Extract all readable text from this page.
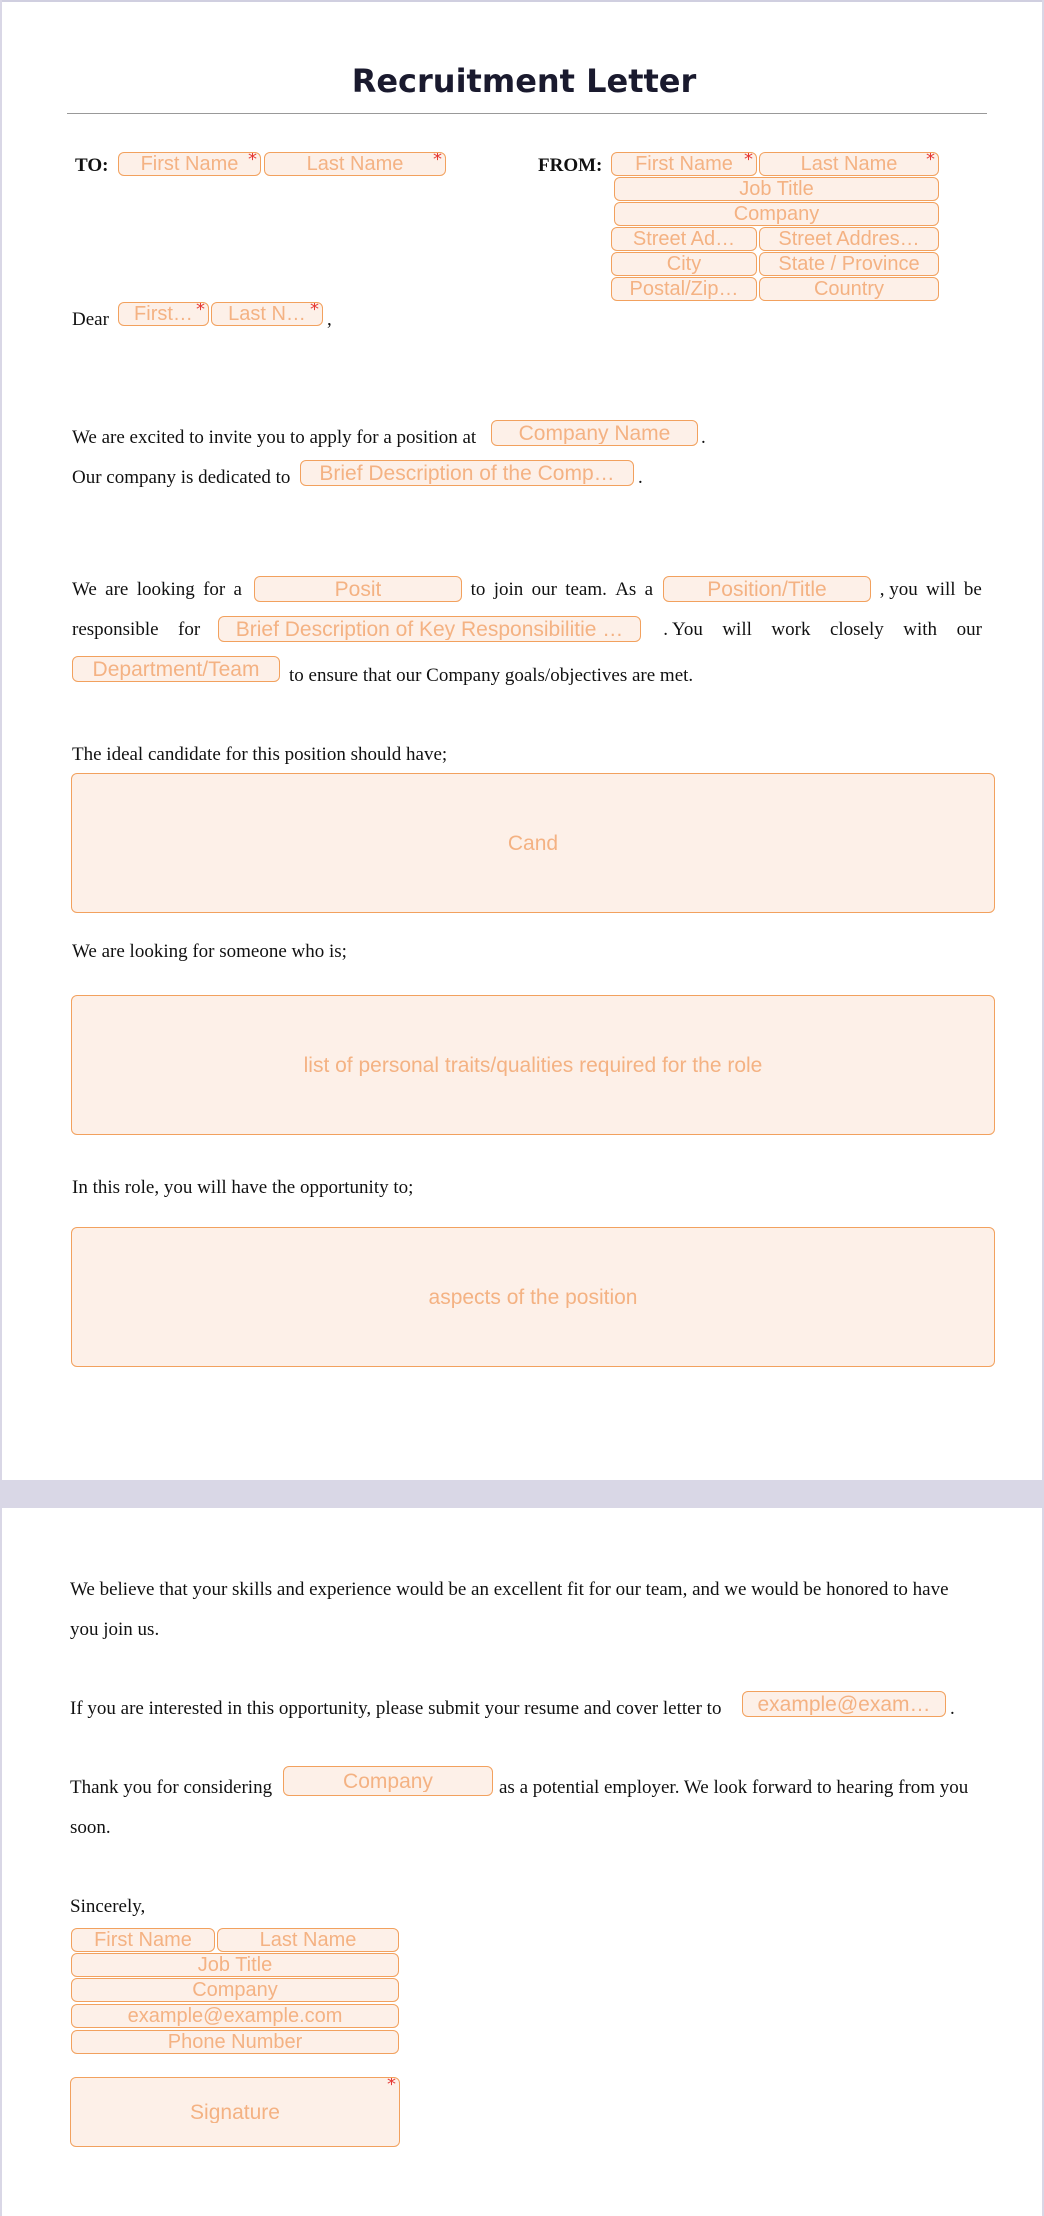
Recruitment Letter
TO: First Name * Last Name *	FROM: First Name * Last Name *
Job Title
Company
Street Ad… Street Addres…
City	State / Province
Postal/Zip…	Country
Dear First… * Last N… * ,
We are excited to invite you to apply for a position at Company Name .
Our company is dedicated to Brief Description of the Comp… .
We are looking for a	to join our team. As a	, you will be
Posit	Position/Title
responsible for	. You will work closely with our
Brief Description of Key Responsibilitie …
Department/Team to ensure that our Company goals/objectives are met.
The ideal candidate for this position should have;
Cand
We are looking for someone who is;
list of personal traits/qualities required for the role
In this role, you will have the opportunity to;
aspects of the position
We believe that your skills and experience would be an excellent fit for our team, and we would be honored to have
you join us.
If you are interested in this opportunity, please submit your resume and cover letter to example@exam… .
Thank you for considering	Company	as a potential employer. We look forward to hearing from you
soon.
Sincerely,
First Name	Last Name
Job Title
Company
example@example.com
Phone Number
Signature
*
